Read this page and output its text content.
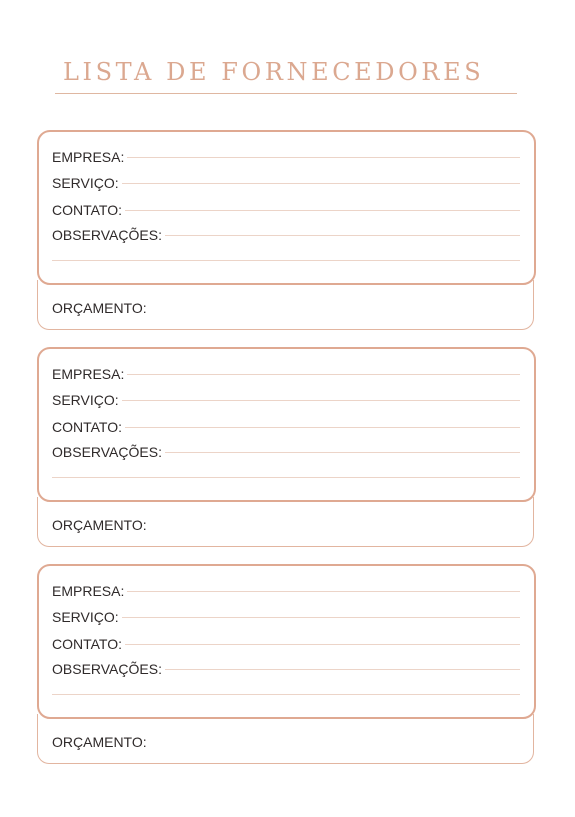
LISTA DE FORNECEDORES
ORÇAMENTO:
EMPRESA:
SERVIÇO:
CONTATO:
OBSERVAÇÕES:
ORÇAMENTO:
EMPRESA:
SERVIÇO:
CONTATO:
OBSERVAÇÕES:
ORÇAMENTO:
EMPRESA:
SERVIÇO:
CONTATO:
OBSERVAÇÕES:
